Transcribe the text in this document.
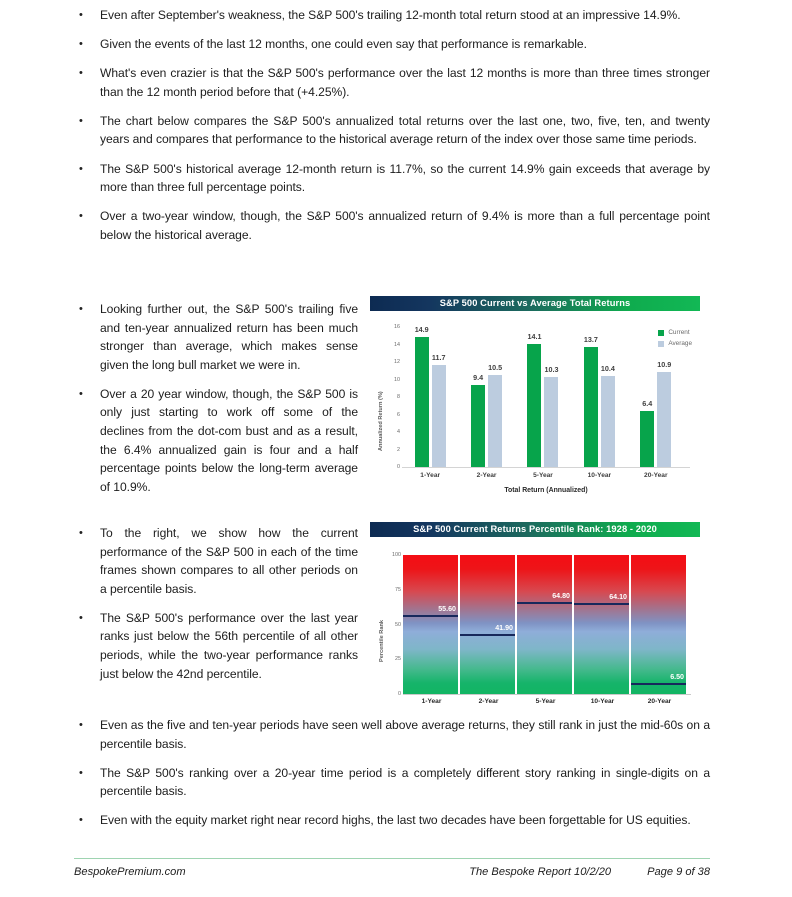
•	Even after September's weakness, the S&P 500's trailing 12-month total return stood at an impressive 14.9%.
•	Given the events of the last 12 months, one could even say that performance is remarkable.
•	What's even crazier is that the S&P 500's performance over the last 12 months is more than three times stronger than the 12 month period before that (+4.25%).
•	The chart below compares the S&P 500's annualized total returns over the last one, two, five, ten, and twenty years and compares that performance to the historical average return of the index over those same time periods.
•	The S&P 500's historical average 12-month return is 11.7%, so the current 14.9% gain exceeds that average by more than three full percentage points.
•	Over a two-year window, though, the S&P 500's annualized return of 9.4% is more than a full percentage point below the historical average.
•	Looking further out, the S&P 500's trailing five and ten-year annualized return has been much stronger than average, which makes sense given the long bull market we were in.
•	Over a 20 year window, though, the S&P 500 is only just starting to work off some of the declines from the dot-com bust and as a result, the 6.4% annualized gain is four and a half percentage points below the long-term average of 10.9%.
•	To the right, we show how the current performance of the S&P 500 in each of the time frames shown compares to all other periods on a percentile basis.
•	The S&P 500's performance over the last year ranks just below the 56th percentile of all other periods, while the two-year performance ranks just below the 42nd percentile.
S&P 500 Current vs Average Total Returns
Annualized Return (%)
16
14
12
10
8
6
4
2
0
Current
Average
14.9
11.7
9.4
10.5
14.1
10.3
13.7
10.4
6.4
10.9
1-Year	2-Year	5-Year	10-Year	20-Year
Total Return (Annualized)
S&P 500 Current Returns Percentile Rank: 1928 - 2020
Percentile Rank
100
75
50
25
0
55.60
41.90
64.80	64.10
6.50
1-Year	2-Year	5-Year	10-Year	20-Year
•	Even as the five and ten-year periods have seen well above average returns, they still rank in just the mid-60s on a percentile basis.
•	The S&P 500's ranking over a 20-year time period is a completely different story ranking in single-digits on a percentile basis.
•	Even with the equity market right near record highs, the last two decades have been forgettable for US equities.
BespokePremium.com	The Bespoke Report 10/2/20	Page 9 of 38
